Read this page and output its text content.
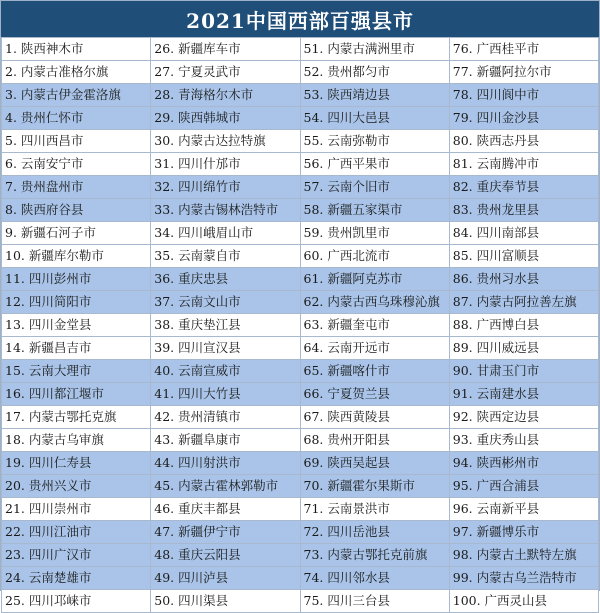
2021中国西部百强县市
1. 陕西神木市	26. 新疆库车市	51. 内蒙古满洲里市	76. 广西桂平市
2. 内蒙古准格尔旗	27. 宁夏灵武市	52. 贵州都匀市	77. 新疆阿拉尔市
3. 内蒙古伊金霍洛旗	28. 青海格尔木市	53. 陕西靖边县	78. 四川阆中市
4. 贵州仁怀市	29. 陕西韩城市	54. 四川大邑县	79. 四川金沙县
5. 四川西昌市	30. 内蒙古达拉特旗	55. 云南弥勒市	80. 陕西志丹县
6. 云南安宁市	31. 四川什邡市	56. 广西平果市	81. 云南腾冲市
7. 贵州盘州市	32. 四川绵竹市	57. 云南个旧市	82. 重庆奉节县
8. 陕西府谷县	33. 内蒙古锡林浩特市	58. 新疆五家渠市	83. 贵州龙里县
9. 新疆石河子市	34. 四川峨眉山市	59. 贵州凯里市	84. 四川南部县
10. 新疆库尔勒市	35. 云南蒙自市	60. 广西北流市	85. 四川富顺县
11. 四川彭州市	36. 重庆忠县	61. 新疆阿克苏市	86. 贵州习水县
12. 四川简阳市	37. 云南文山市	62. 内蒙古西乌珠穆沁旗	87. 内蒙古阿拉善左旗
13. 四川金堂县	38. 重庆垫江县	63. 新疆奎屯市	88. 广西博白县
14. 新疆昌吉市	39. 四川宣汉县	64. 云南开远市	89. 四川威远县
15. 云南大理市	40. 云南宣威市	65. 新疆喀什市	90. 甘肃玉门市
16. 四川都江堰市	41. 四川大竹县	66. 宁夏贺兰县	91. 云南建水县
17. 内蒙古鄂托克旗	42. 贵州清镇市	67. 陕西黄陵县	92. 陕西定边县
18. 内蒙古乌审旗	43. 新疆阜康市	68. 贵州开阳县	93. 重庆秀山县
19. 四川仁寿县	44. 四川射洪市	69. 陕西吴起县	94. 陕西彬州市
20. 贵州兴义市	45. 内蒙古霍林郭勒市	70. 新疆霍尔果斯市	95. 广西合浦县
21. 四川崇州市	46. 重庆丰都县	71. 云南景洪市	96. 云南新平县
22. 四川江油市	47. 新疆伊宁市	72. 四川岳池县	97. 新疆博乐市
23. 四川广汉市	48. 重庆云阳县	73. 内蒙古鄂托克前旗	98. 内蒙古土默特左旗
24. 云南楚雄市	49. 四川泸县	74. 四川邻水县	99. 内蒙古乌兰浩特市
25. 四川邛崃市	50. 四川渠县	75. 四川三台县	100. 广西灵山县
